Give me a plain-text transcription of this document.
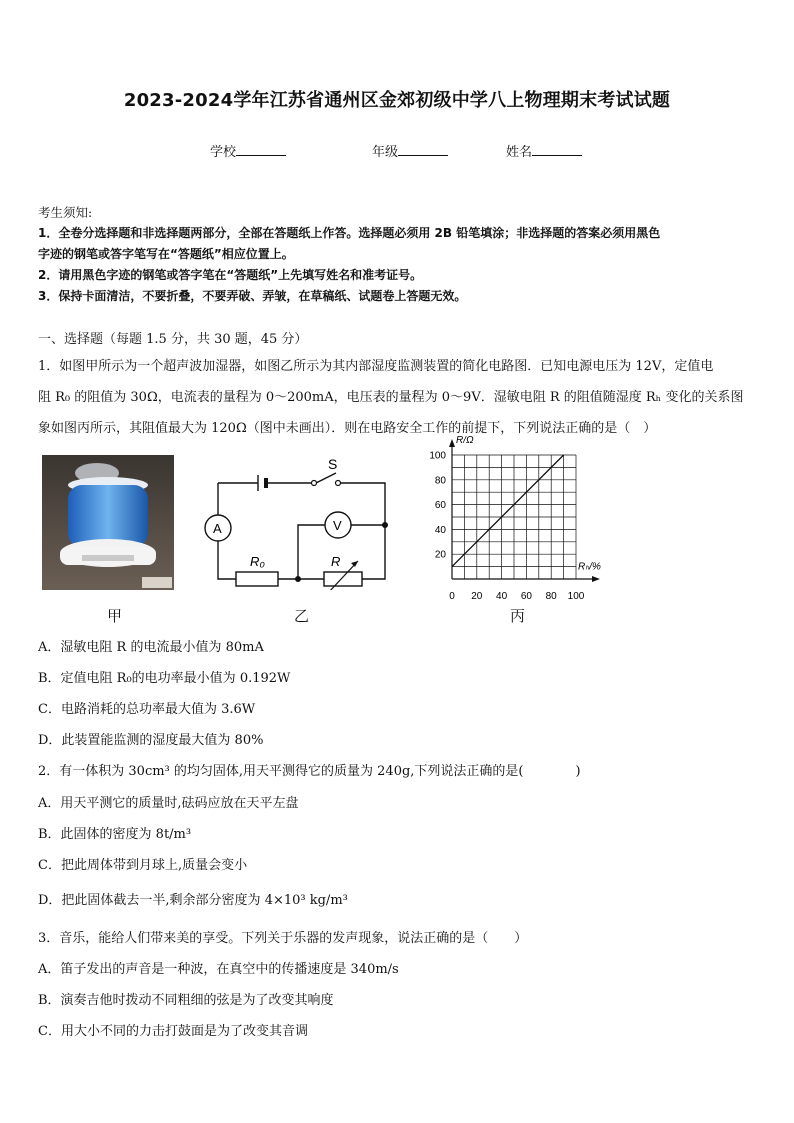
2023-2024学年江苏省通州区金郊初级中学八上物理期末考试试题
学校	年级	姓名
考生须知:
1．全卷分选择题和非选择题两部分，全部在答题纸上作答。选择题必须用 2B 铅笔填涂；非选择题的答案必须用黑色
字迹的钢笔或答字笔写在“答题纸”相应位置上。
2．请用黑色字迹的钢笔或答字笔在“答题纸”上先填写姓名和准考证号。
3．保持卡面清洁，不要折叠，不要弄破、弄皱，在草稿纸、试题卷上答题无效。
一、选择题（每题 1.5 分，共 30 题，45 分）
1．如图甲所示为一个超声波加湿器，如图乙所示为其内部湿度监测装置的简化电路图．已知电源电压为 12V，定值电
阻 R₀ 的阻值为 30Ω，电流表的量程为 0～200mA，电压表的量程为 0～9V．湿敏电阻 R 的阻值随湿度 Rₕ 变化的关系图
象如图丙所示，其阻值最大为 120Ω（图中未画出）．则在电路安全工作的前提下，下列说法正确的是（　）
甲
S
A	V
R₀	R
乙
0 20 40 60 80 100
20
40
60
80
100
R/Ω
Rₕ/%
丙
A．湿敏电阻 R 的电流最小值为 80mA
B．定值电阻 R₀的电功率最小值为 0.192W
C．电路消耗的总功率最大值为 3.6W
D．此装置能监测的湿度最大值为 80%
2．有一体积为 30cm³ 的均匀固体,用天平测得它的质量为 240g,下列说法正确的是(　　　　)
A．用天平测它的质量时,砝码应放在天平左盘
B．此固体的密度为 8t/m³
C．把此周体带到月球上,质量会变小
D．把此固体截去一半,剩余部分密度为 4×10³ kg/m³
3．音乐，能给人们带来美的享受。下列关于乐器的发声现象，说法正确的是（　　）
A．笛子发出的声音是一种波，在真空中的传播速度是 340m/s
B．演奏吉他时拨动不同粗细的弦是为了改变其响度
C．用大小不同的力击打鼓面是为了改变其音调
